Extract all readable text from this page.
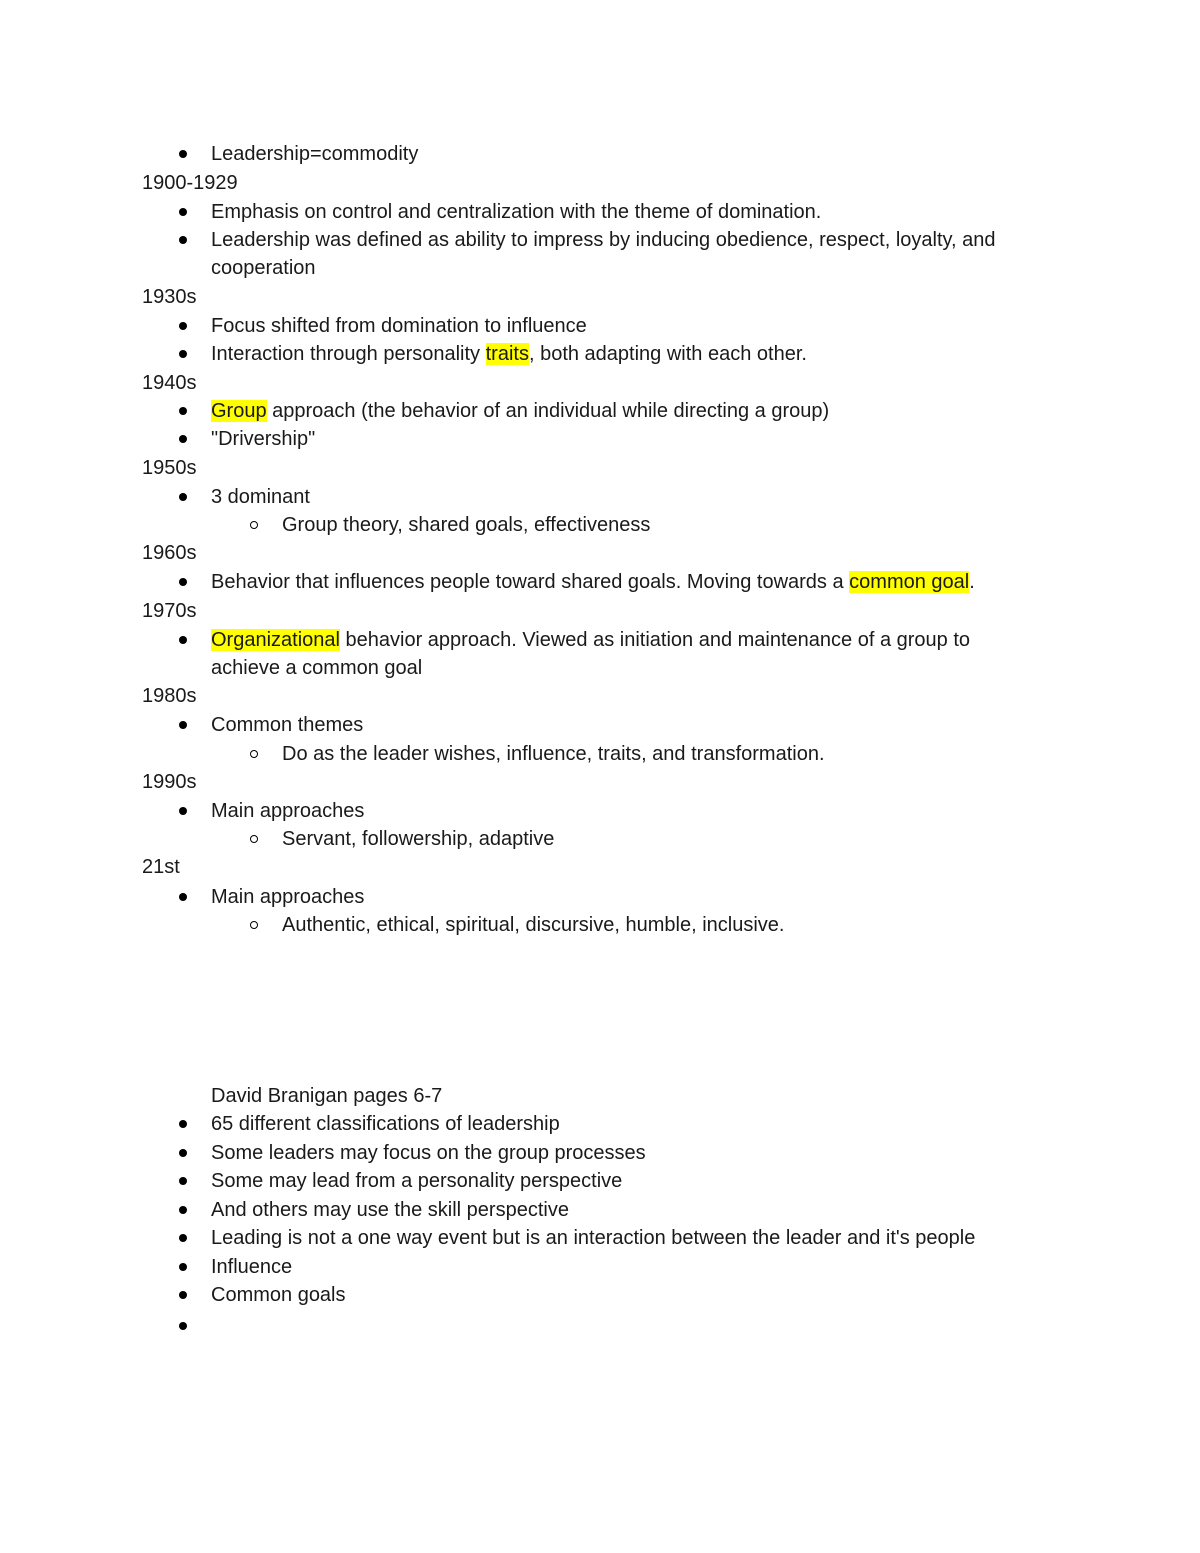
Leadership=commodity
1900-1929
Emphasis on control and centralization with the theme of domination.
Leadership was defined as ability to impress by inducing obedience, respect, loyalty, and
cooperation
1930s
Focus shifted from domination to influence
Interaction through personality traits, both adapting with each other.
1940s
Group approach (the behavior of an individual while directing a group)
"Drivership"
1950s
3 dominant
Group theory, shared goals, effectiveness
1960s
Behavior that influences people toward shared goals. Moving towards a common goal.
1970s
Organizational behavior approach. Viewed as initiation and maintenance of a group to
achieve a common goal
1980s
Common themes
Do as the leader wishes, influence, traits, and transformation.
1990s
Main approaches
Servant, followership, adaptive
21st
Main approaches
Authentic, ethical, spiritual, discursive, humble, inclusive.
David Branigan pages 6-7
65 different classifications of leadership
Some leaders may focus on the group processes
Some may lead from a personality perspective
And others may use the skill perspective
Leading is not a one way event but is an interaction between the leader and it's people
Influence
Common goals
